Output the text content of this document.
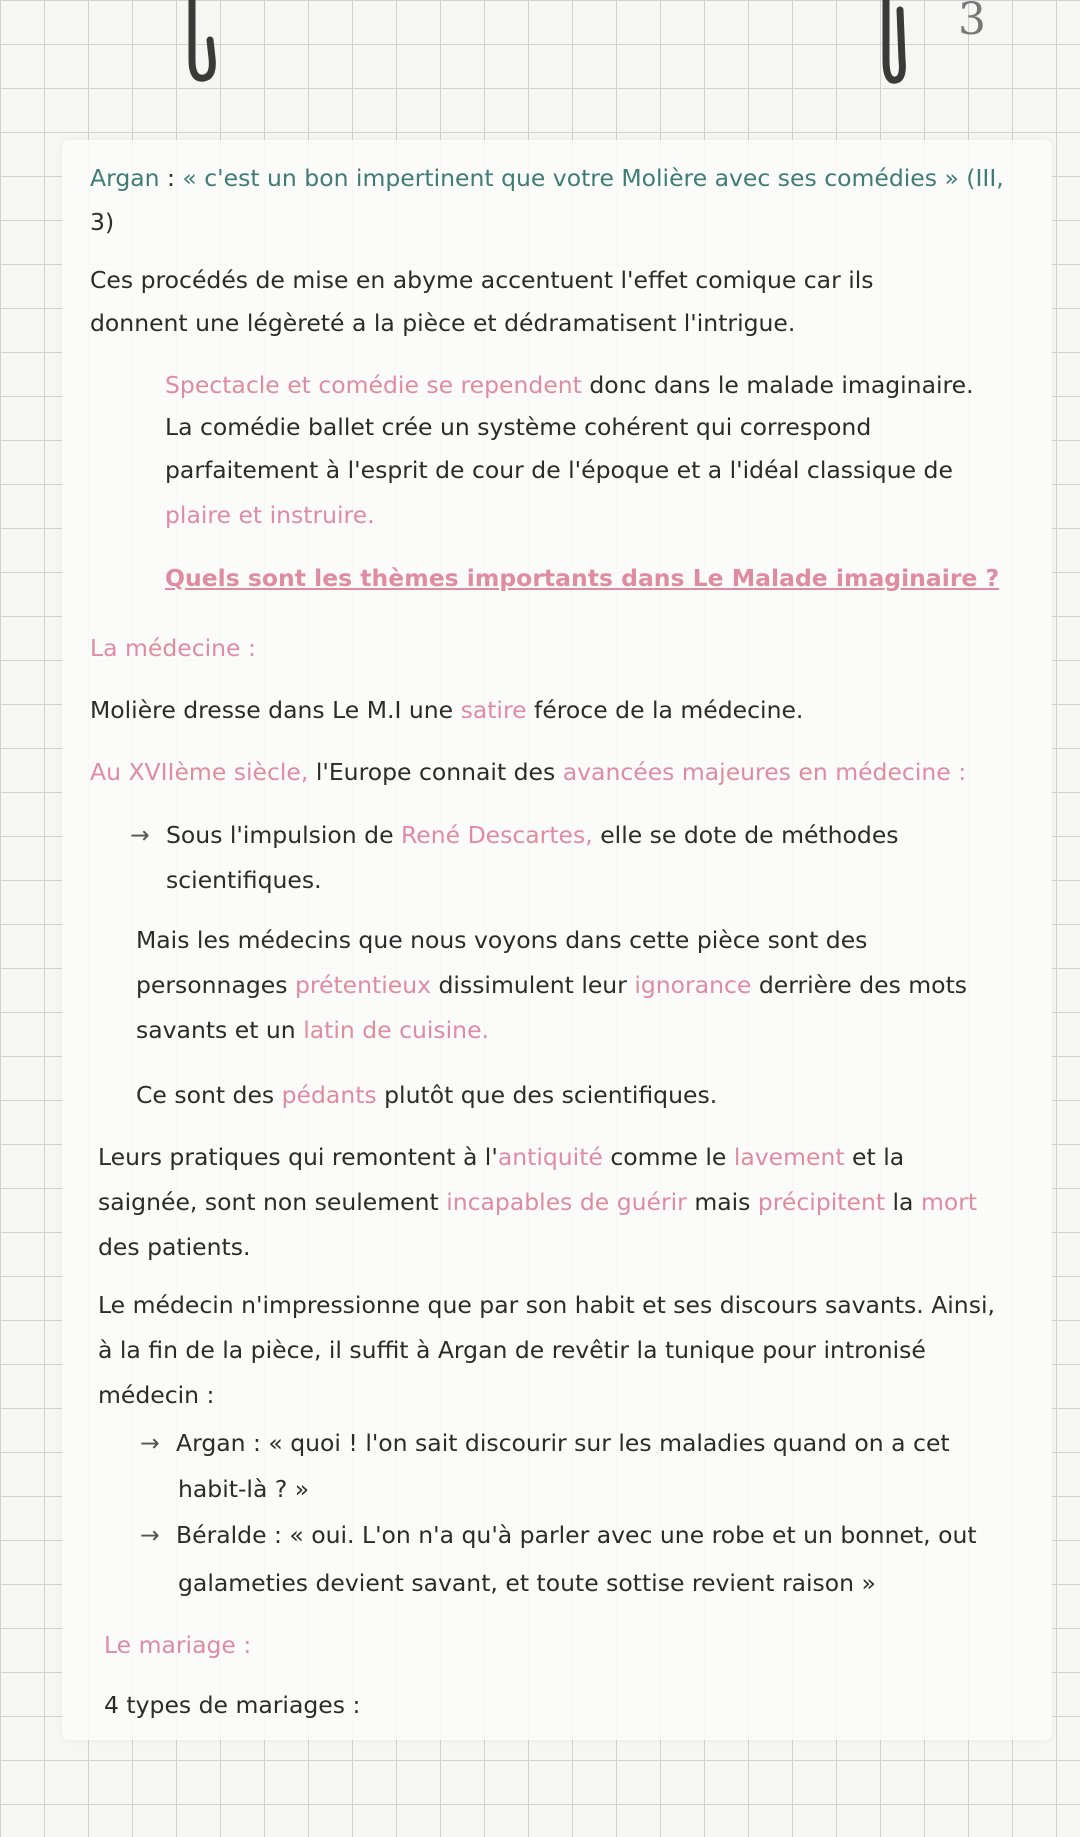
3
Argan : « c'est un bon impertinent que votre Molière avec ses comédies » (III,
3)
Ces procédés de mise en abyme accentuent l'effet comique car ils
donnent une légèreté a la pièce et dédramatisent l'intrigue.
Spectacle et comédie se rependent donc dans le malade imaginaire.
La comédie ballet crée un système cohérent qui correspond
parfaitement à l'esprit de cour de l'époque et a l'idéal classique de
plaire et instruire.
Quels sont les thèmes importants dans Le Malade imaginaire ?
La médecine :
Molière dresse dans Le M.I une satire féroce de la médecine.
Au XVIIème siècle, l'Europe connait des avancées majeures en médecine :
→ Sous l'impulsion de René Descartes, elle se dote de méthodes
scientifiques.
Mais les médecins que nous voyons dans cette pièce sont des
personnages prétentieux dissimulent leur ignorance derrière des mots
savants et un latin de cuisine.
Ce sont des pédants plutôt que des scientifiques.
Leurs pratiques qui remontent à l'antiquité comme le lavement et la
saignée, sont non seulement incapables de guérir mais précipitent la mort
des patients.
Le médecin n'impressionne que par son habit et ses discours savants. Ainsi,
à la fin de la pièce, il suffit à Argan de revêtir la tunique pour intronisé
médecin :
→ Argan : « quoi ! l'on sait discourir sur les maladies quand on a cet
habit-là ? »
→ Béralde : « oui. L'on n'a qu'à parler avec une robe et un bonnet, out
galameties devient savant, et toute sottise revient raison »
Le mariage :
4 types de mariages :
